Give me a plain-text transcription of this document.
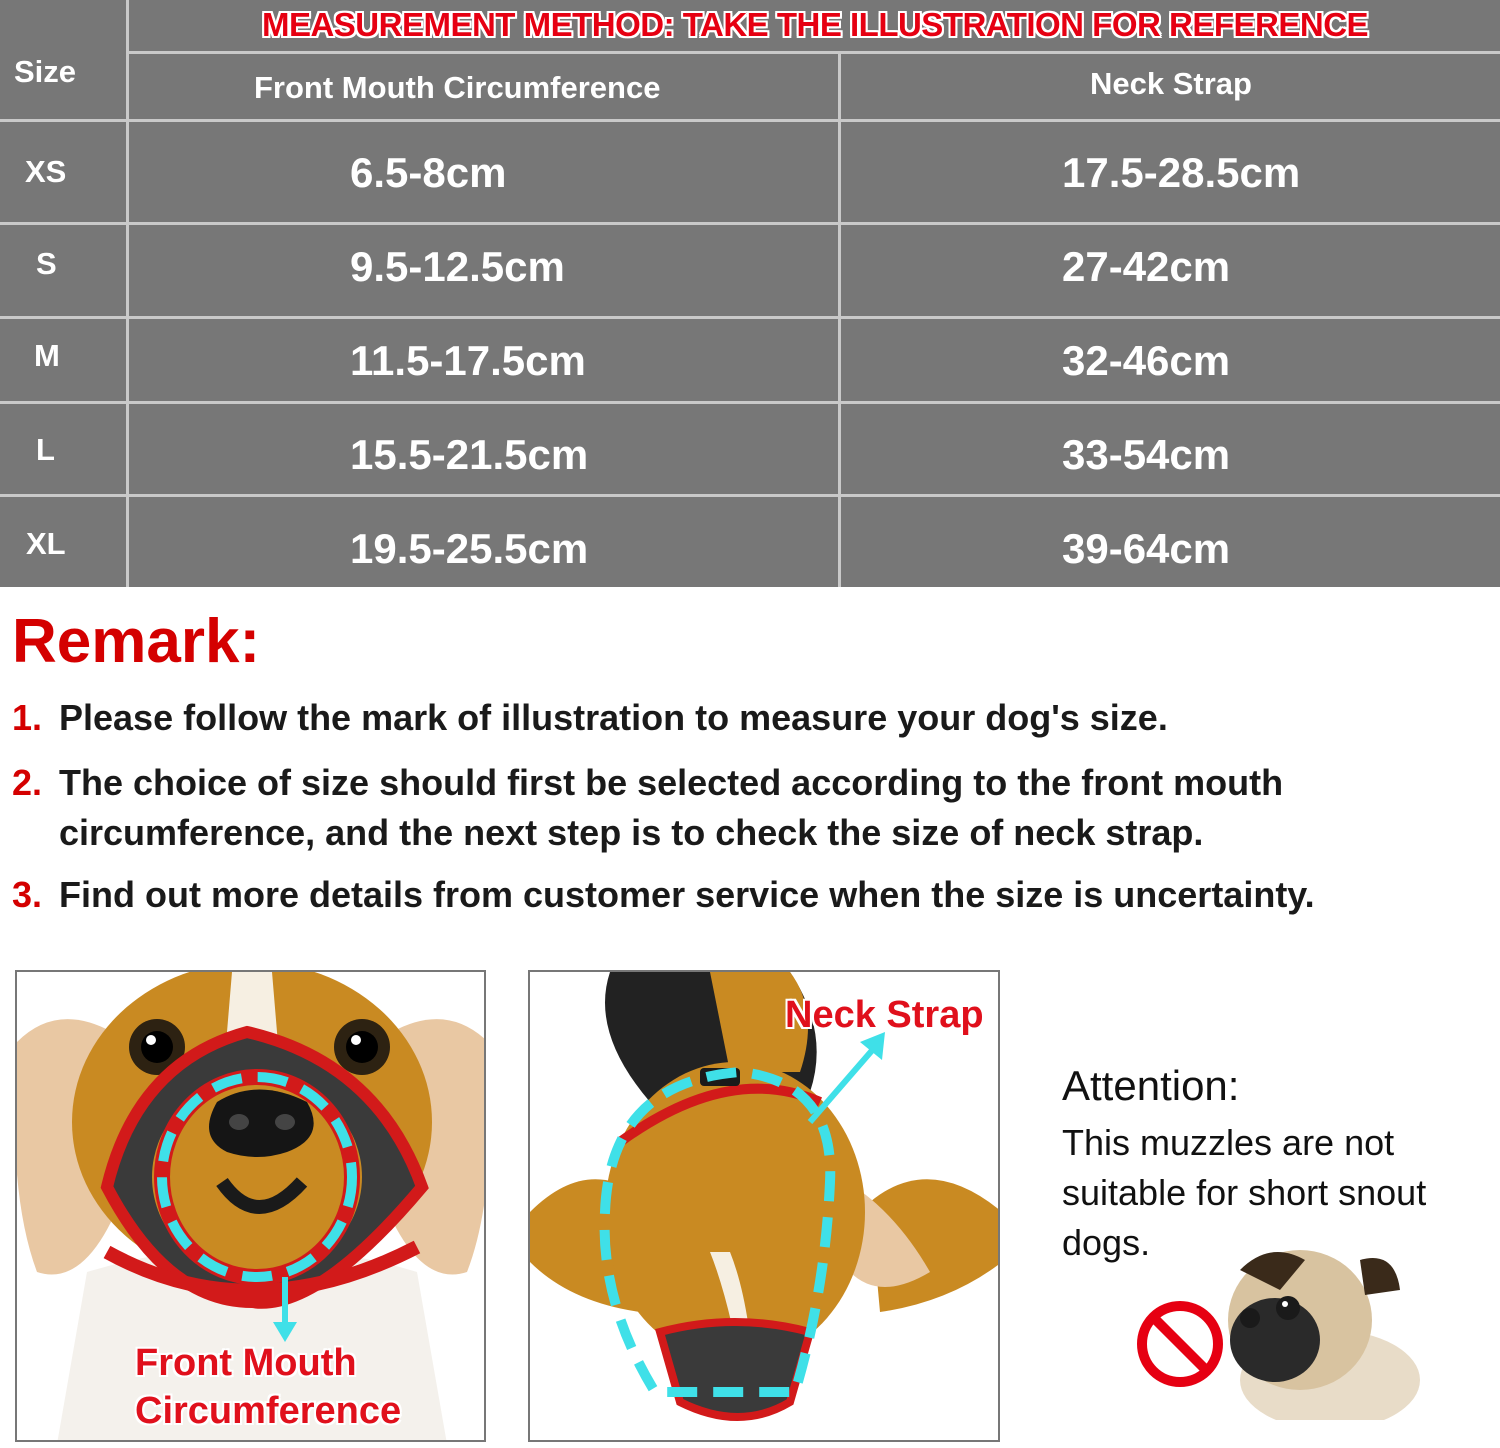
MEASUREMENT METHOD: TAKE THE ILLUSTRATION FOR REFERENCE
Size	Front Mouth Circumference	Neck Strap
XS	6.5-8cm	17.5-28.5cm
S	9.5-12.5cm	27-42cm
M	11.5-17.5cm	32-46cm
L	15.5-21.5cm	33-54cm
XL	19.5-25.5cm	39-64cm
Remark:
1. Please follow the mark of illustration to measure your dog's size.
2. The choice of size should first be selected according to the front mouth circumference, and the next step is to check the size of neck strap.
3. Find out more details from customer service when the size is uncertainty.
Front Mouth
Circumference
Neck Strap
Attention:
This muzzles are not suitable for short snout dogs.
